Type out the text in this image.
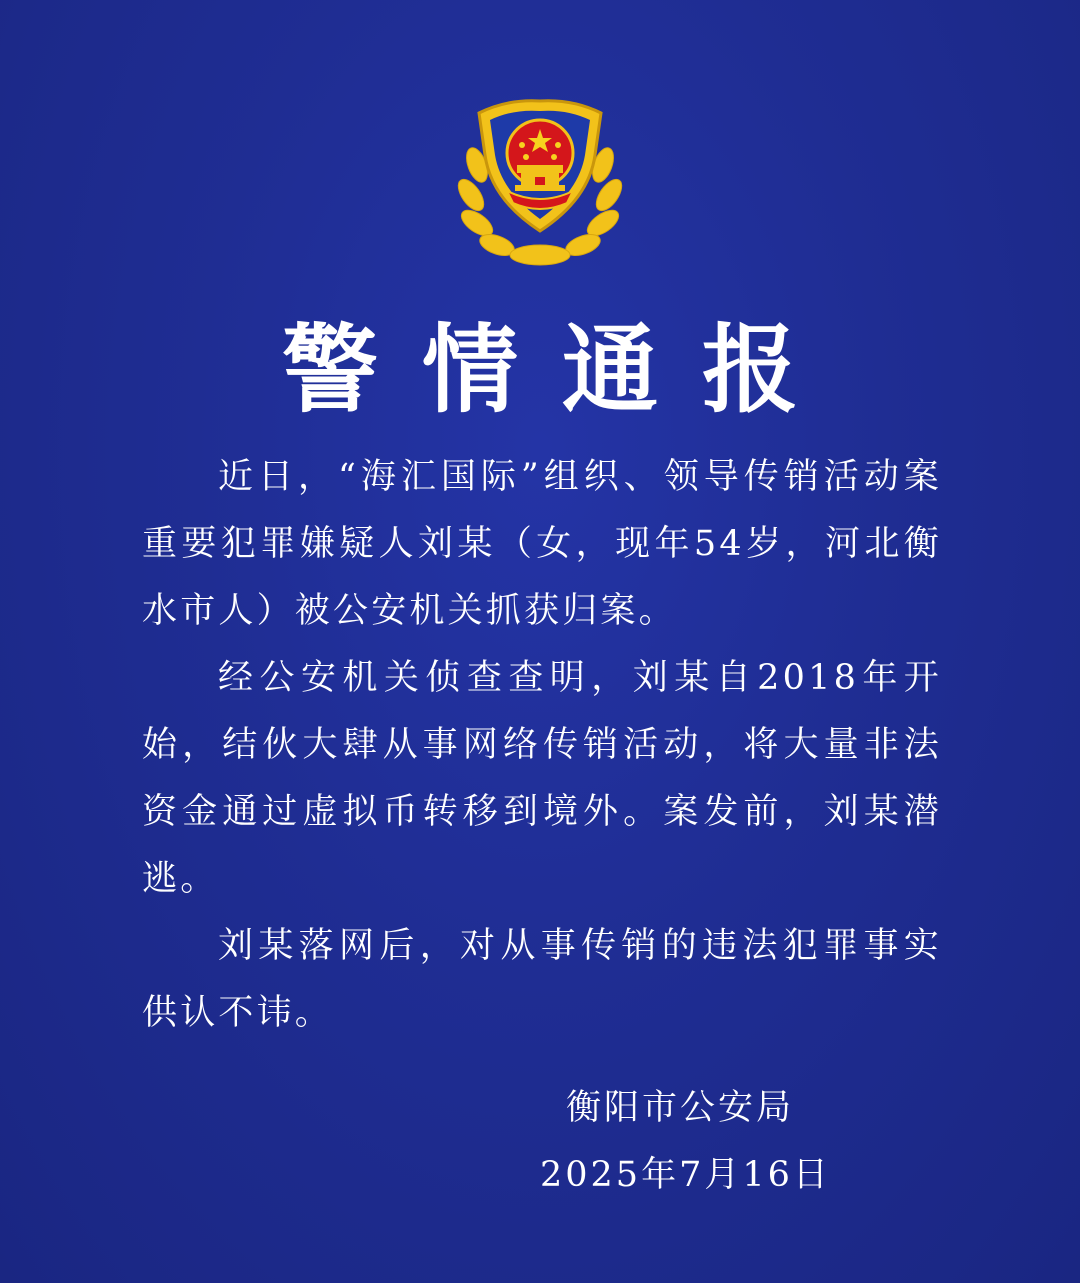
警情通报

近日，“海汇国际”组织、领导传销活动案重要犯罪嫌疑人刘某（女，现年54岁，河北衡水市人）被公安机关抓获归案。

经公安机关侦查查明，刘某自2018年开始，结伙大肆从事网络传销活动，将大量非法资金通过虚拟币转移到境外。案发前，刘某潜逃。

刘某落网后，对从事传销的违法犯罪事实供认不讳。

衡阳市公安局
2025年7月16日
